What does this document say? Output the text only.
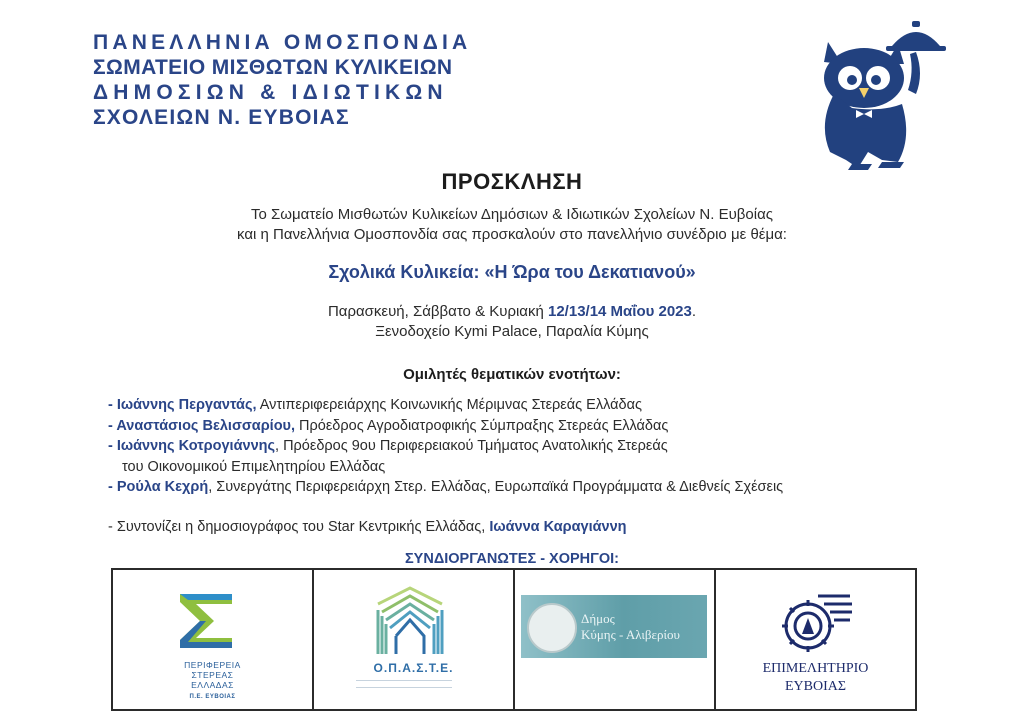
ΠΑΝΕΛΛΗΝΙΑ ΟΜΟΣΠΟΝΔΙΑ
ΣΩΜΑΤΕΙΟ ΜΙΣΘΩΤΩΝ ΚΥΛΙΚΕΙΩΝ
ΔΗΜΟΣΙΩΝ & ΙΔΙΩΤΙΚΩΝ
ΣΧΟΛΕΙΩΝ Ν. ΕΥΒΟΙΑΣ
ΠΡΟΣΚΛΗΣΗ
Το Σωματείο Μισθωτών Κυλικείων Δημόσιων & Ιδιωτικών Σχολείων Ν. Ευβοίας
και η Πανελλήνια Ομοσπονδία σας προσκαλούν στο πανελλήνιο συνέδριο με θέμα:
Σχολικά Κυλικεία: «Η Ώρα του Δεκατιανού»
Παρασκευή, Σάββατο & Κυριακή 12/13/14 Μαΐου 2023.
Ξενοδοχείο Kymi Palace, Παραλία Κύμης
Ομιλητές θεματικών ενοτήτων:
- Ιωάννης Περγαντάς, Αντιπεριφερειάρχης Κοινωνικής Μέριμνας Στερεάς Ελλάδας
- Αναστάσιος Βελισσαρίου, Πρόεδρος Αγροδιατροφικής Σύμπραξης Στερεάς Ελλάδας
- Ιωάννης Κοτρογιάννης, Πρόεδρος 9ου Περιφερειακού Τμήματος Ανατολικής Στερεάς
του Οικονομικού Επιμελητηρίου Ελλάδας
- Ρούλα Κεχρή, Συνεργάτης Περιφερειάρχη Στερ. Ελλάδας, Ευρωπαϊκά Προγράμματα & Διεθνείς Σχέσεις
- Συντονίζει η δημοσιογράφος του Star Κεντρικής Ελλάδας, Ιωάννα Καραγιάννη
ΣΥΝΔΙΟΡΓΑΝΩΤΕΣ - ΧΟΡΗΓΟΙ:
ΠΕΡΙΦΕΡΕΙΑ
ΣΤΕΡΕΑΣ
ΕΛΛΑΔΑΣ
Π.Ε. ΕΥΒΟΙΑΣ
Ο.Π.Α.Σ.Τ.Ε.
Δήμος
Κύμης - Αλιβερίου
ΕΠΙΜΕΛΗΤΗΡΙΟ
ΕΥΒΟΙΑΣ
